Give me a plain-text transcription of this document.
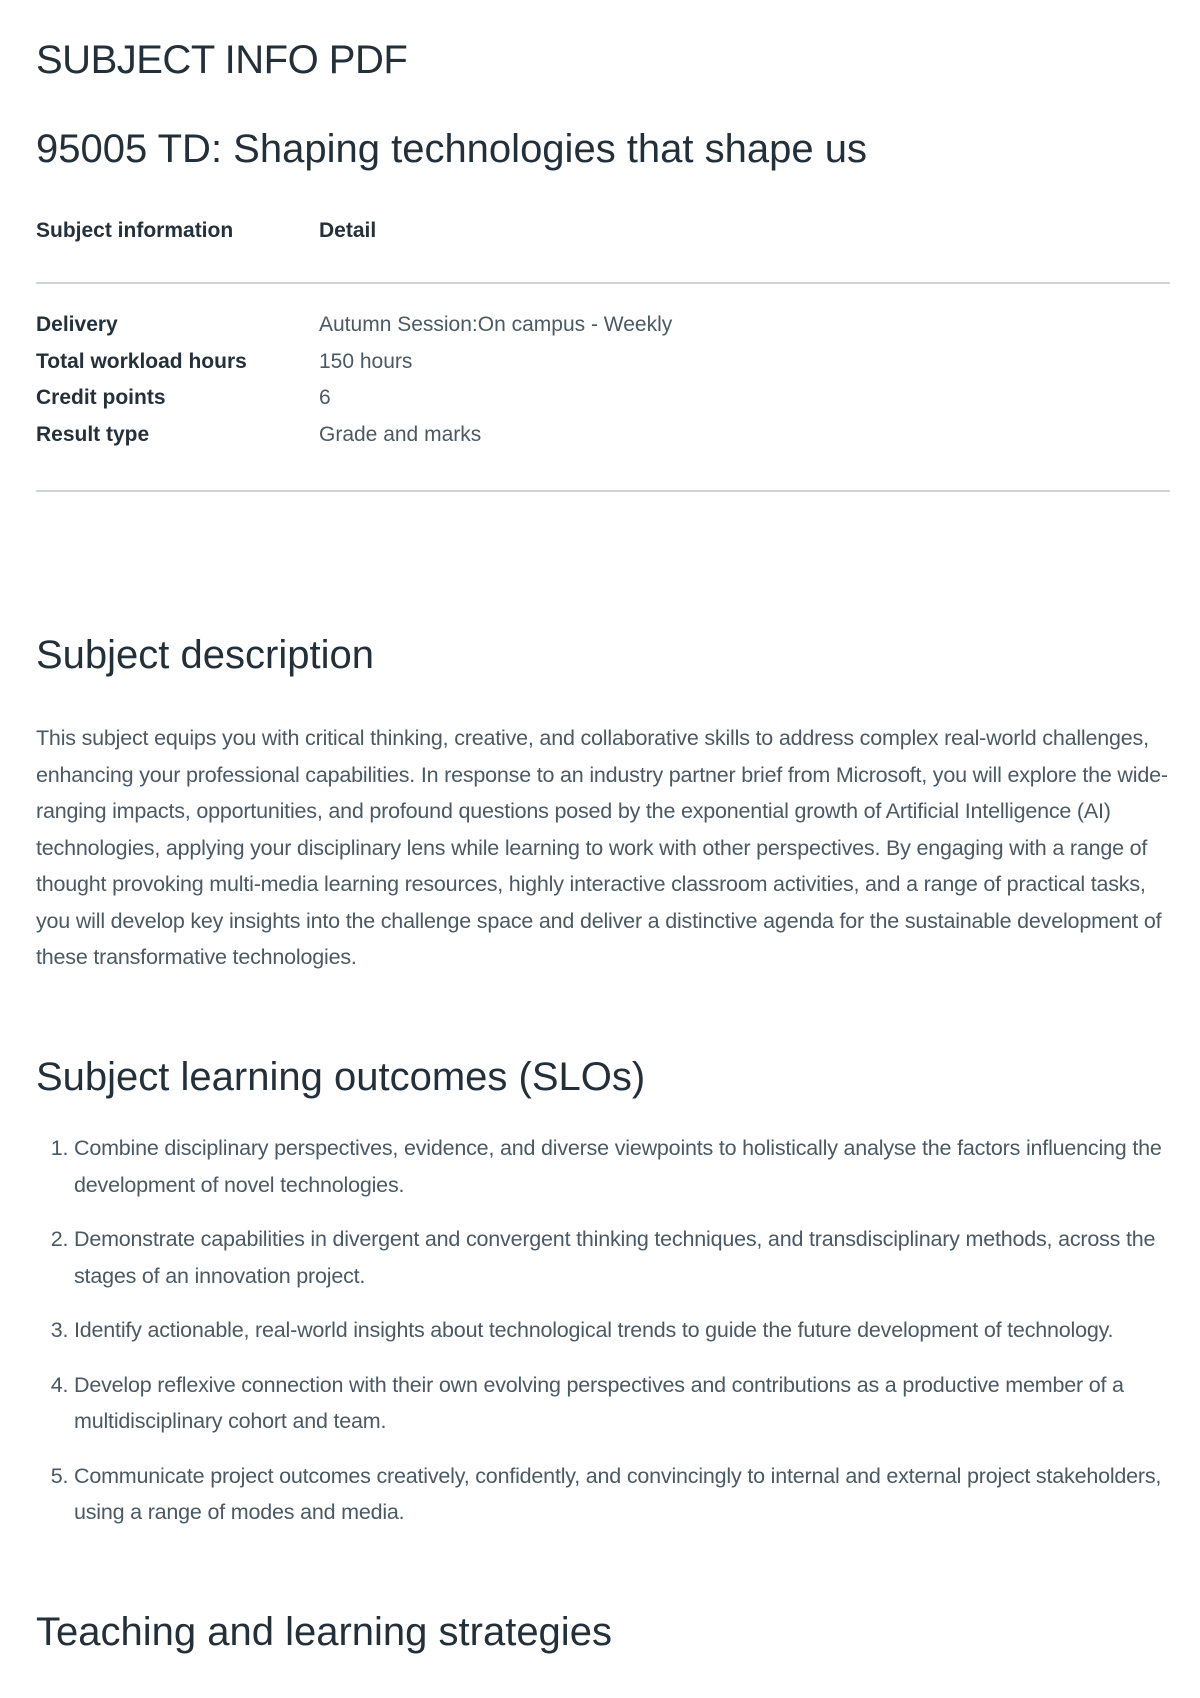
SUBJECT INFO PDF
95005 TD: Shaping technologies that shape us
Subject information	Detail
Delivery	Autumn Session:On campus - Weekly
Total workload hours	150 hours
Credit points	6
Result type	Grade and marks
Subject description

This subject equips you with critical thinking, creative, and collaborative skills to address complex real-world challenges, enhancing your professional capabilities. In response to an industry partner brief from Microsoft, you will explore the wide-ranging impacts, opportunities, and profound questions posed by the exponential growth of Artificial Intelligence (AI) technologies, applying your disciplinary lens while learning to work with other perspectives. By engaging with a range of thought provoking multi-media learning resources, highly interactive classroom activities, and a range of practical tasks, you will develop key insights into the challenge space and deliver a distinctive agenda for the sustainable development of these transformative technologies.

Subject learning outcomes (SLOs)
1. Combine disciplinary perspectives, evidence, and diverse viewpoints to holistically analyse the factors influencing the development of novel technologies.
2. Demonstrate capabilities in divergent and convergent thinking techniques, and transdisciplinary methods, across the stages of an innovation project.
3. Identify actionable, real-world insights about technological trends to guide the future development of technology.
4. Develop reflexive connection with their own evolving perspectives and contributions as a productive member of a multidisciplinary cohort and team.
5. Communicate project outcomes creatively, confidently, and convincingly to internal and external project stakeholders, using a range of modes and media.
Teaching and learning strategies
